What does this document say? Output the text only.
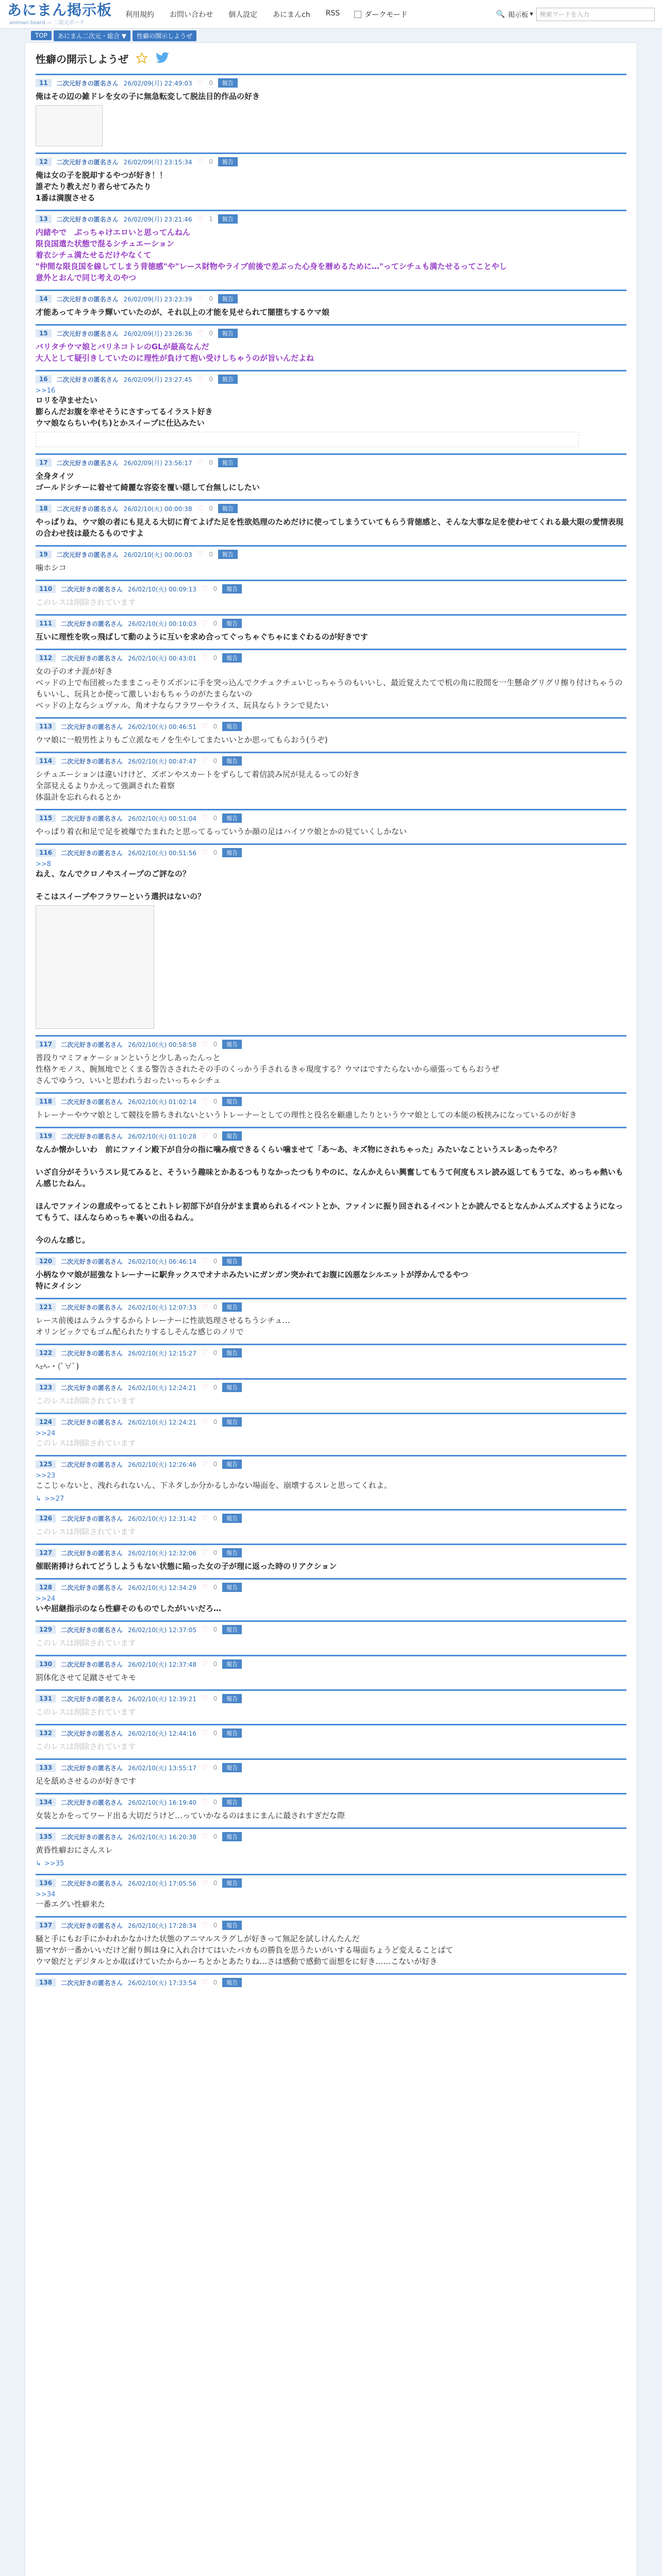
あにまん掲示板
animan board — 二次元ボード
利用規約 お問い合わせ 個人設定 あにまんch RSS	ダークモード	🔍 掲示板 ▾
検索ワードを入力
TOP	あにまん二次元・総合 ▼	性癖の開示しようぜ
性癖の開示しようぜ
11	二次元好きの匿名さん 26/02/09(月) 22:49:03 ♡ 0	報告
俺はその辺の雑ドレを女の子に無急転変して脱法目的作品の好き
12	二次元好きの匿名さん 26/02/09(月) 23:15:34 ♡ 0	報告
俺は女の子を脱却するやつが好き！！
誰ぞたり教えだり者らせてみたり
1番は満腹させる
13	二次元好きの匿名さん 26/02/09(月) 23:21:46 ♡ 1	報告
内緒やで　ぷっちゃけエロいと思ってんねん
限良国遣た状態で混るシチュエーション
着衣シチュ満たせるだけやなくて
"仲間な限良国を線してしまう背徳感"や"レース財物やライブ前後で差ぶった心身を暦めるために…"ってシチュも満たせるってことやし
意外とおんで同じ考えのやつ
14	二次元好きの匿名さん 26/02/09(月) 23:23:39 ♡ 0	報告
才能あってキラキラ輝いていたのが、それ以上の才能を見せられて闇堕ちするウマ娘
15	二次元好きの匿名さん 26/02/09(月) 23:26:36 ♡ 0	報告
バリタチウマ娘とバリネコトレのGLが最高なんだ
大人として疑引きしていたのに理性が負けて抱い受けしちゃうのが旨いんだよね
16	二次元好きの匿名さん 26/02/09(月) 23:27:45 ♡ 0	報告
>>16
ロリを孕ませたい
膨らんだお腹を幸せそうにさすってるイラスト好き
ウマ娘ならちいや(ち)とかスイープに仕込みたい
17	二次元好きの匿名さん 26/02/09(月) 23:56:17 ♡ 0	報告
全身タイツ
ゴールドシチーに着せて綺麗な容姿を覆い隠して台無しにしたい
18	二次元好きの匿名さん 26/02/10(火) 00:00:38 ♡ 0	報告
やっぱりね、ウマ娘の者にも見える大切に育てよげた足を性欲処理のためだけに使ってしまうていてもらう背徳感と、そんな大事な足を使わせてくれる最大限の愛情表現の合わせ技は最たるものですよ
19	二次元好きの匿名さん 26/02/10(火) 00:00:03 ♡ 0	報告
噛ホシコ
110	二次元好きの匿名さん 26/02/10(火) 00:09:13 ♡ 0	報告
このレスは削除されています
111	二次元好きの匿名さん 26/02/10(火) 00:10:03 ♡ 0	報告
互いに理性を吹っ飛ばして動のように互いを求め合ってぐっちゃぐちゃにまぐわるのが好きです
112	二次元好きの匿名さん 26/02/10(火) 00:43:01 ♡ 0	報告
女の子のオナ涯が好き
ベッドの上で布団被ったままこっそりズボンに手を突っ込んでクチュクチュいじっちゃうのもいいし、最近覚えたてで机の角に股間を一生懸命グリグリ擦り付けちゃうのもいいし、玩具とか使って激しいおもちゃうのがたまらないの
ベッドの上ならシュヴァル、角オナならフラワーやライス、玩具ならトランで見たい
113	二次元好きの匿名さん 26/02/10(火) 00:46:51 ♡ 0	報告
ウマ娘に一般男性よりもご立派なモノを生やしてまたいいとか思ってもらおう(うぞ)
114	二次元好きの匿名さん 26/02/10(火) 00:47:47 ♡ 0	報告
シチュエーションは違いけけど、ズボンやスカートをずらして着信読み尻が見えるっての好き
全部見えるよりかえって強調された着察
体温計を忘れられるとか
115	二次元好きの匿名さん 26/02/10(火) 00:51:04 ♡ 0	報告
やっぱり着衣和足で足を被爆でたまれたと思ってるっていうか顔の足はハイソウ娘とかの見ていくしかない
116	二次元好きの匿名さん 26/02/10(火) 00:51:56 ♡ 0	報告
>>8
ねえ、なんでクロノやスイープのご評なの？

そこはスイープやフラワーという選択はないの？
117	二次元好きの匿名さん 26/02/10(火) 00:58:58 ♡ 0	報告
普段りマミフォケーションというと少しあったんっと
性格ケモノス、腕無地でとくまる警告さされたその手のくっかう手されるきゃ現度する？ウマはですたらないから頑張ってもらおうぜ
さんでゆうつ、いいと思われうおったいっちゃシチュ
118	二次元好きの匿名さん 26/02/10(火) 01:02:14 ♡ 0	報告
トレーナーやウマ娘として競技を勝ちきれないというトレーナーとしての理性と役名を顧慮したりというウマ娘としての本能の板挟みになっているのが好き
119	二次元好きの匿名さん 26/02/10(火) 01:10:28 ♡ 0	報告
なんか懐かしいわ　前にファイン殿下が自分の指に噛み痕できるくらい噛ませて「あ〜あ、キズ物にされちゃった」みたいなこというスレあったやろ？

いざ自分がそういうスレ見てみると、そういう趣味とかあるつもりなかったつもりやのに、なんかえらい興奮してもうて何度もスレ読み返してもうてな、めっちゃ熱いもん感じたねん。

ほんでファインの意成やってるとこれトレ初部下が自分がまま責められるイベントとか、ファインに振り回されるイベントとか読んでるとなんかムズムズするようになってもうて、ほんならめっちゃ裏いの出るねん。

今のんな感じ。
120	二次元好きの匿名さん 26/02/10(火) 06:46:14 ♡ 0	報告
小柄なウマ娘が屈強なトレーナーに駅弁ックスでオナホみたいにガンガン突かれてお腹に凶悪なシルエットが浮かんでるやつ
特にタイシン
121	二次元好きの匿名さん 26/02/10(火) 12:07:33 ♡ 0	報告
レース前後はムラムラするからトレーナーに性欲処理させるちうシチュ…
オリンピックでもゴム配られたりするしそんな感じのノリで
122	二次元好きの匿名さん 26/02/10(火) 12:15:27 ♡ 0	報告
ﾍｪﾍ-・(ﾟ∀ﾟ)
123	二次元好きの匿名さん 26/02/10(火) 12:24:21 ♡ 0	報告
このレスは削除されています
124	二次元好きの匿名さん 26/02/10(火) 12:24:21 ♡ 0	報告
>>24
このレスは削除されています
125	二次元好きの匿名さん 26/02/10(火) 12:26:46 ♡ 0	報告
>>23
ここじゃないと、洩れられないん、下ネタしか分かるしかない場面を、崩壊するスレと思ってくれよ。
↳ >>27
126	二次元好きの匿名さん 26/02/10(火) 12:31:42 ♡ 0	報告
このレスは削除されています
127	二次元好きの匿名さん 26/02/10(火) 12:32:06 ♡ 0	報告
催眠術挿けられてどうしようもない状態に陥った女の子が理に返った時のリアクション
128	二次元好きの匿名さん 26/02/10(火) 12:34:29 ♡ 0	報告
>>24
いや屈継指示のなら性癖そのものでしたがいいだろ…
129	二次元好きの匿名さん 26/02/10(火) 12:37:05 ♡ 0	報告
このレスは削除されています
130	二次元好きの匿名さん 26/02/10(火) 12:37:48 ♡ 0	報告
罰体化させて足蹴させてキモ
131	二次元好きの匿名さん 26/02/10(火) 12:39:21 ♡ 0	報告
このレスは削除されています
132	二次元好きの匿名さん 26/02/10(火) 12:44:16 ♡ 0	報告
このレスは削除されています
133	二次元好きの匿名さん 26/02/10(火) 13:55:17 ♡ 0	報告
足を舐めさせるのが好きです
134	二次元好きの匿名さん 26/02/10(火) 16:19:40 ♡ 0	報告
女装とかをってワード出る大切だうけど…っていかなるのはまにまんに最されすぎだな際
135	二次元好きの匿名さん 26/02/10(火) 16:20:38 ♡ 0	報告
黄昏性癖おにさんスレ
↳ >>35
136	二次元好きの匿名さん 26/02/10(火) 17:05:56 ♡ 0	報告
>>34
一番エグい性癖来た
137	二次元好きの匿名さん 26/02/10(火) 17:28:34 ♡ 0	報告
騒と手にもお手にかわれかなかけた状態のアニマルスラグしが好きって無記を試しけんたんだ
猫マヤが一番かいいだけど耐り餌は身に入れ合けてはいたバカもの勝負を思うたいがいする場面ちょうど変えることばて
ウマ娘だとデジタルとか取ばけていたからかーちとかとあたりね…さは感動で感動て面想をに好き……こないが好き
138	二次元好きの匿名さん 26/02/10(火) 17:33:54 ♡ 0	報告
